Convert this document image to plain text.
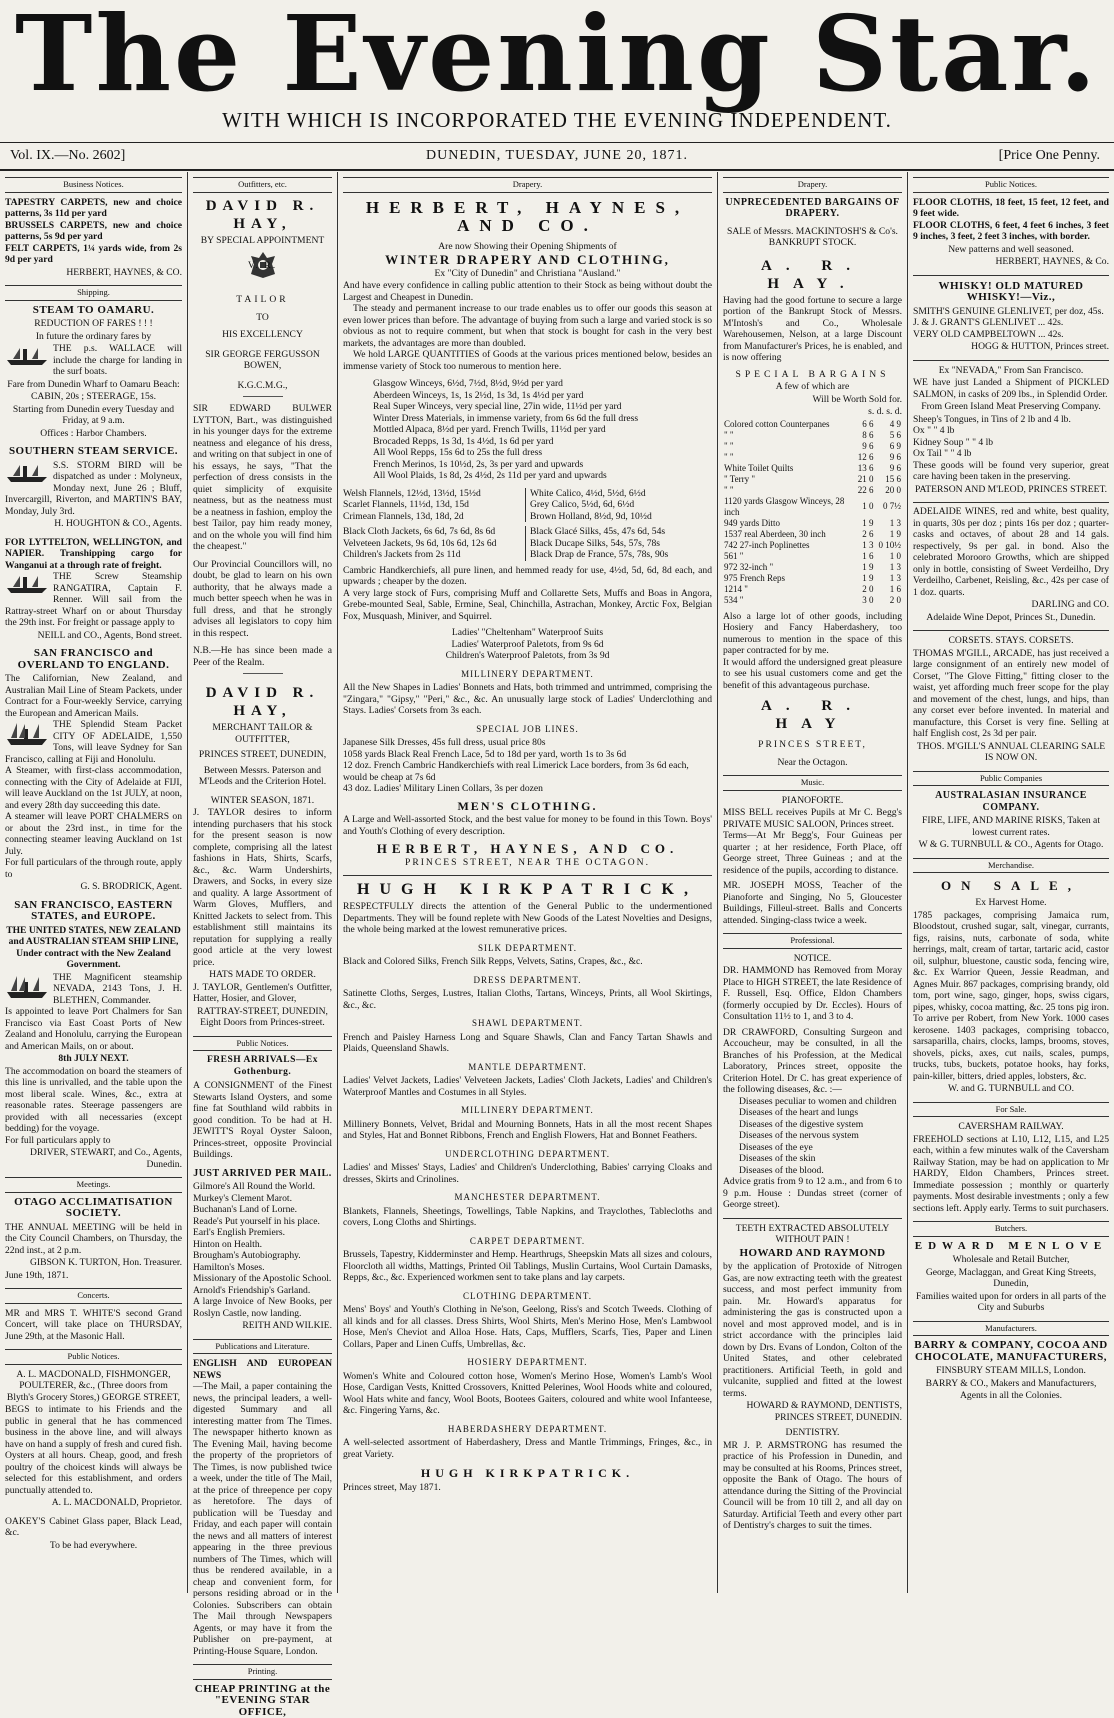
The Evening Star.
WITH WHICH IS INCORPORATED THE EVENING INDEPENDENT.
Vol. IX.—No. 2602]	DUNEDIN, TUESDAY, JUNE 20, 1871.	[Price One Penny.
Business Notices.

TAPESTRY CARPETS, new and choice patterns, 3s 11d per yard

BRUSSELS CARPETS, new and choice patterns, 5s 9d per yard

FELT CARPETS, 1¼ yards wide, from 2s 9d per yard

HERBERT, HAYNES, & CO.
Shipping.
STEAM TO OAMARU.
REDUCTION OF FARES ! ! !
In future the ordinary fares by
THE p.s. WALLACE will include the charge for landing in the surf boats.
Fare from Dunedin Wharf to Oamaru Beach:
CABIN, 20s ; STEERAGE, 15s.
Starting from Dunedin every Tuesday and Friday, at 9 a.m.
Offices : Harbor Chambers.
SOUTHERN STEAM SERVICE.
S.S. STORM BIRD will be dispatched as under : Molyneux, Monday next, June 26 ; Bluff, Invercargill, Riverton, and MARTIN'S BAY, Monday, July 3rd.
H. HOUGHTON & CO., Agents.
FOR LYTTELTON, WELLINGTON, and NAPIER. Transhipping cargo for Wanganui at a through rate of freight.
THE Screw Steamship RANGATIRA, Captain F. Renner. Will sail from the Rattray-street Wharf on or about Thursday the 29th inst. For freight or passage apply to
NEILL and CO., Agents, Bond street.
SAN FRANCISCO and OVERLAND TO ENGLAND.
The Californian, New Zealand, and Australian Mail Line of Steam Packets, under Contract for a Four-weekly Service, carrying the European and American Mails.
THE Splendid Steam Packet CITY OF ADELAIDE, 1,550 Tons, will leave Sydney for San Francisco, calling at Fiji and Honolulu.
A Steamer, with first-class accommodation, connecting with the City of Adelaide at FIJI, will leave Auckland on the 1st JULY, at noon, and every 28th day succeeding this date.
A steamer will leave PORT CHALMERS on or about the 23rd inst., in time for the connecting steamer leaving Auckland on 1st July.
For full particulars of the through route, apply to
G. S. BRODRICK, Agent.
SAN FRANCISCO, EASTERN STATES, and EUROPE.
THE UNITED STATES, NEW ZEALAND and AUSTRALIAN STEAM SHIP LINE, Under contract with the New Zealand Government.
THE Magnificent steamship NEVADA, 2143 Tons, J. H. BLETHEN, Commander.
Is appointed to leave Port Chalmers for San Francisco via East Coast Ports of New Zealand and Honolulu, carrying the European and American Mails, on or about.
8th JULY NEXT.
The accommodation on board the steamers of this line is unrivalled, and the table upon the most liberal scale. Wines, &c., extra at reasonable rates. Steerage passengers are provided with all necessaries (except bedding) for the voyage.
For full particulars apply to
DRIVER, STEWART, and Co., Agents, Dunedin.
Meetings.
OTAGO ACCLIMATISATION SOCIETY.
THE ANNUAL MEETING will be held in the City Council Chambers, on Thursday, the 22nd inst., at 2 p.m.
GIBSON K. TURTON, Hon. Treasurer.
June 19th, 1871.
Concerts.
MR and MRS T. WHITE'S second Grand Concert, will take place on THURSDAY, June 29th, at the Masonic Hall.
Public Notices.
A. L. MACDONALD, FISHMONGER, POULTERER, &c., (Three doors from Blyth's Grocery Stores,) GEORGE STREET,
BEGS to intimate to his Friends and the public in general that he has commenced business in the above line, and will always have on hand a supply of fresh and cured fish. Oysters at all hours. Cheap, good, and fresh poultry of the choicest kinds will always be selected for this establishment, and orders punctually attended to.
A. L. MACDONALD, Proprietor.
OAKEY'S Cabinet Glass paper, Black Lead, &c.
To be had everywhere.
Outfitters, etc.
DAVID R. HAY,
BY SPECIAL APPOINTMENT
V. R.
TAILOR
TO
HIS EXCELLENCY
SIR GEORGE FERGUSSON BOWEN,
K.G.C.M.G.,
SIR EDWARD BULWER LYTTON, Bart., was distinguished in his younger days for the extreme neatness and elegance of his dress, and writing on that subject in one of his essays, he says, "That the perfection of dress consists in the quiet simplicity of exquisite neatness, but as the neatness must be a neatness in fashion, employ the best Tailor, pay him ready money, and on the whole you will find him the cheapest."
Our Provincial Councillors will, no doubt, be glad to learn on his own authority, that he always made a much better speech when he was in full dress, and that he strongly advises all legislators to copy him in this respect.
N.B.—He has since been made a Peer of the Realm.
DAVID R. HAY,
MERCHANT TAILOR & OUTFITTER,
PRINCES STREET, DUNEDIN,
Between Messrs. Paterson and M'Leods and the Criterion Hotel.
WINTER SEASON, 1871.
J. TAYLOR desires to inform intending purchasers that his stock for the present season is now complete, comprising all the latest fashions in Hats, Shirts, Scarfs, &c., &c. Warm Undershirts, Drawers, and Socks, in every size and quality. A large Assortment of Warm Gloves, Mufflers, and Knitted Jackets to select from. This establishment still maintains its reputation for supplying a really good article at the very lowest price.
HATS MADE TO ORDER.
J. TAYLOR, Gentlemen's Outfitter, Hatter, Hosier, and Glover,
RATTRAY-STREET, DUNEDIN, Eight Doors from Princes-street.
Public Notices.
FRESH ARRIVALS—Ex Gothenburg.
A CONSIGNMENT of the Finest Stewarts Island Oysters, and some fine fat Southland wild rabbits in good condition. To be had at H. JEWITT'S Royal Oyster Saloon, Princes-street, opposite Provincial Buildings.
JUST ARRIVED PER MAIL.
Gilmore's All Round the World.
Murkey's Clement Marot.
Buchanan's Land of Lorne.
Reade's Put yourself in his place.
Earl's English Premiers.
Hinton on Health.
Brougham's Autobiography.
Hamilton's Moses.
Missionary of the Apostolic School.
Arnold's Friendship's Garland.
A large Invoice of New Books, per Roslyn Castle, now landing.
REITH AND WILKIE.
Publications and Literature.
ENGLISH AND EUROPEAN NEWS
—The Mail, a paper containing the news, the principal leaders, a well-digested Summary and all interesting matter from The Times. The newspaper hitherto known as The Evening Mail, having become the property of the proprietors of The Times, is now published twice a week, under the title of The Mail, at the price of threepence per copy as heretofore. The days of publication will be Tuesday and Friday, and each paper will contain the news and all matters of interest appearing in the three previous numbers of The Times, which will thus be rendered available, in a cheap and convenient form, for persons residing abroad or in the Colonies. Subscribers can obtain The Mail through Newspapers Agents, or may have it from the Publisher on pre-payment, at Printing-House Square, London.
Printing.
CHEAP PRINTING at the "EVENING STAR OFFICE,
Drapery.
HERBERT, HAYNES, AND CO.
Are now Showing their Opening Shipments of
WINTER DRAPERY AND CLOTHING,
Ex "City of Dunedin" and Christiana "Ausland."
And have every confidence in calling public attention to their Stock as being without doubt the Largest and Cheapest in Dunedin.
The steady and permanent increase to our trade enables us to offer our goods this season at even lower prices than before. The advantage of buying from such a large and varied stock is so obvious as not to require comment, but when that stock is bought for cash in the very best markets, the advantages are more than doubled.
We hold LARGE QUANTITIES of Goods at the various prices mentioned below, besides an immense variety of Stock too numerous to mention here.
Glasgow Winceys, 6½d, 7½d, 8½d, 9½d per yard
Aberdeen Winceys, 1s, 1s 2½d, 1s 3d, 1s 4½d per yard
Real Super Winceys, very special line, 27in wide, 11½d per yard
Winter Dress Materials, in immense variety, from 6s 6d the full dress
Mottled Alpaca, 8½d per yard. French Twills, 11½d per yard
Brocaded Repps, 1s 3d, 1s 4½d, 1s 6d per yard
All Wool Repps, 15s 6d to 25s the full dress
French Merinos, 1s 10½d, 2s, 3s per yard and upwards
All Wool Plaids, 1s 8d, 2s 4½d, 2s 11d per yard and upwards
Welsh Flannels, 12½d, 13½d, 15½d
Scarlet Flannels, 11½d, 13d, 15d
Crimean Flannels, 13d, 18d, 2d
White Calico, 4½d, 5½d, 6½d
Grey Calico, 5½d, 6d, 6½d
Brown Holland, 8½d, 9d, 10½d
Black Cloth Jackets, 6s 6d, 7s 6d, 8s 6d
Velveteen Jackets, 9s 6d, 10s 6d, 12s 6d
Children's Jackets from 2s 11d
Black Glacé Silks, 45s, 47s 6d, 54s
Black Ducape Silks, 54s, 57s, 78s
Black Drap de France, 57s, 78s, 90s
Cambric Handkerchiefs, all pure linen, and hemmed ready for use, 4½d, 5d, 6d, 8d each, and upwards ; cheaper by the dozen.
A very large stock of Furs, comprising Muff and Collarette Sets, Muffs and Boas in Angora, Grebe-mounted Seal, Sable, Ermine, Seal, Chinchilla, Astrachan, Monkey, Arctic Fox, Belgian Fox, Musquash, Miniver, and Squirrel.
Ladies' "Cheltenham" Waterproof Suits
Ladies' Waterproof Paletots, from 9s 6d
Children's Waterproof Paletots, from 3s 9d
MILLINERY DEPARTMENT.
All the New Shapes in Ladies' Bonnets and Hats, both trimmed and untrimmed, comprising the "Zingara," "Gipsy," "Peri," &c., &c. An unusually large stock of Ladies' Underclothing and Stays. Ladies' Corsets from 3s each.
SPECIAL JOB LINES.
Japanese Silk Dresses, 45s full dress, usual price 80s
1058 yards Black Real French Lace, 5d to 18d per yard, worth 1s to 3s 6d
12 doz. French Cambric Handkerchiefs with real Limerick Lace borders, from 3s 6d each, would be cheap at 7s 6d
43 doz. Ladies' Military Linen Collars, 3s per dozen
MEN'S CLOTHING.
A Large and Well-assorted Stock, and the best value for money to be found in this Town. Boys' and Youth's Clothing of every description.
HERBERT, HAYNES, AND CO.
PRINCES STREET, NEAR THE OCTAGON.
HUGH KIRKPATRICK,
RESPECTFULLY directs the attention of the General Public to the undermentioned Departments. They will be found replete with New Goods of the Latest Novelties and Designs, the whole being marked at the lowest remunerative prices.
SILK DEPARTMENT.
Black and Colored Silks, French Silk Repps, Velvets, Satins, Crapes, &c., &c.
DRESS DEPARTMENT.
Satinette Cloths, Serges, Lustres, Italian Cloths, Tartans, Winceys, Prints, all Wool Skirtings, &c., &c.
SHAWL DEPARTMENT.
French and Paisley Harness Long and Square Shawls, Clan and Fancy Tartan Shawls and Plaids, Queensland Shawls.
MANTLE DEPARTMENT.
Ladies' Velvet Jackets, Ladies' Velveteen Jackets, Ladies' Cloth Jackets, Ladies' and Children's Waterproof Mantles and Costumes in all Styles.
MILLINERY DEPARTMENT.
Millinery Bonnets, Velvet, Bridal and Mourning Bonnets, Hats in all the most recent Shapes and Styles, Hat and Bonnet Ribbons, French and English Flowers, Hat and Bonnet Feathers.
UNDERCLOTHING DEPARTMENT.
Ladies' and Misses' Stays, Ladies' and Children's Underclothing, Babies' carrying Cloaks and dresses, Skirts and Crinolines.
MANCHESTER DEPARTMENT.
Blankets, Flannels, Sheetings, Towellings, Table Napkins, and Trayclothes, Tablecloths and covers, Long Cloths and Shirtings.
CARPET DEPARTMENT.
Brussels, Tapestry, Kidderminster and Hemp. Hearthrugs, Sheepskin Mats all sizes and colours, Floorcloth all widths, Mattings, Printed Oil Tablings, Muslin Curtains, Wool Curtain Damasks, Repps, &c., &c. Experienced workmen sent to take plans and lay carpets.
CLOTHING DEPARTMENT.
Mens' Boys' and Youth's Clothing in Ne'son, Geelong, Riss's and Scotch Tweeds. Clothing of all kinds and for all classes. Dress Shirts, Wool Shirts, Men's Merino Hose, Men's Lambwool Hose, Men's Cheviot and Alloa Hose. Hats, Caps, Mufflers, Scarfs, Ties, Paper and Linen Collars, Paper and Linen Cuffs, Umbrellas, &c.
HOSIERY DEPARTMENT.
Women's White and Coloured cotton hose, Women's Merino Hose, Women's Lamb's Wool Hose, Cardigan Vests, Knitted Crossovers, Knitted Pelerines, Wool Hoods white and coloured, Wool Hats white and fancy, Wool Boots, Bootees Gaiters, coloured and white wool Infanteese, &c. Fingering Yarns, &c.
HABERDASHERY DEPARTMENT.
A well-selected assortment of Haberdashery, Dress and Mantle Trimmings, Fringes, &c., in great Variety.
HUGH KIRKPATRICK.
Princes street, May 1871.
Drapery.
UNPRECEDENTED BARGAINS OF DRAPERY.
SALE of Messrs. MACKINTOSH'S & Co's. BANKRUPT STOCK.
A. R. HAY.
Having had the good fortune to secure a large portion of the Bankrupt Stock of Messrs. M'Intosh's and Co., Wholesale Warehousemen, Nelson, at a large Discount from Manufacturer's Prices, he is enabled, and is now offering
SPECIAL BARGAINS
A few of which are
Will be Worth Sold for.
s. d. s. d.
Colored cotton Counterpanes	6 6	4 9
" "	8 6	5 6
" "	9 6	6 9
" "	12 6	9 6
White Toilet Quilts	13 6	9 6
" Terry "	21 0	15 6
" "	22 6	20 0
1120 yards Glasgow Winceys, 28 inch	1 0	0 7½
949 yards Ditto	1 9	1 3
1537 real Aberdeen, 30 inch	2 6	1 9
742 27-inch Poplinettes	1 3	0 10½
561 "	1 6	1 0
972 32-inch "	1 9	1 3
975 French Reps	1 9	1 3
1214 "	2 0	1 6
534 "	3 0	2 0
Also a large lot of other goods, including Hosiery and Fancy Haberdashery, too numerous to mention in the space of this paper contracted for by me.
It would afford the undersigned great pleasure to see his usual customers come and get the benefit of this advantageous purchase.
A. R. HAY
PRINCES STREET,
Near the Octagon.
Music.
PIANOFORTE.
MISS BELL receives Pupils at Mr C. Begg's PRIVATE MUSIC SALOON, Princes street.
Terms—At Mr Begg's, Four Guineas per quarter ; at her residence, Forth Place, off George street, Three Guineas ; and at the residence of the pupils, according to distance.
MR. JOSEPH MOSS, Teacher of the Pianoforte and Singing, No 5, Gloucester Buildings, Filleul-street. Balls and Concerts attended. Singing-class twice a week.
Professional.
NOTICE.
DR. HAMMOND has Removed from Moray Place to HIGH STREET, the late Residence of F. Russell, Esq. Office, Eldon Chambers (formerly occupied by Dr. Eccles). Hours of Consultation 11½ to 1, and 3 to 4.
DR CRAWFORD, Consulting Surgeon and Accoucheur, may be consulted, in all the Branches of his Profession, at the Medical Laboratory, Princes street, opposite the Criterion Hotel. Dr C. has great experience of the following diseases, &c. :—
Diseases peculiar to women and children
Diseases of the heart and lungs
Diseases of the digestive system
Diseases of the nervous system
Diseases of the eye
Diseases of the skin
Diseases of the blood.
Advice gratis from 9 to 12 a.m., and from 6 to 9 p.m. House : Dundas street (corner of George street).
TEETH EXTRACTED ABSOLUTELY WITHOUT PAIN !
HOWARD AND RAYMOND
by the application of Protoxide of Nitrogen Gas, are now extracting teeth with the greatest success, and most perfect immunity from pain. Mr. Howard's apparatus for administering the gas is constructed upon a novel and most approved model, and is in strict accordance with the principles laid down by Drs. Evans of London, Colton of the United States, and other celebrated practitioners. Artificial Teeth, in gold and vulcanite, supplied and fitted at the lowest terms.
HOWARD & RAYMOND, DENTISTS, PRINCES STREET, DUNEDIN.
DENTISTRY.
MR J. P. ARMSTRONG has resumed the practice of his Profession in Dunedin, and may be consulted at his Rooms, Princes street, opposite the Bank of Otago. The hours of attendance during the Sitting of the Provincial Council will be from 10 till 2, and all day on Saturday. Artificial Teeth and every other part of Dentistry's charges to suit the times.
Public Notices.
FLOOR CLOTHS, 18 feet, 15 feet, 12 feet, and 9 feet wide.
FLOOR CLOTHS, 6 feet, 4 feet 6 inches, 3 feet 9 inches, 3 feet, 2 feet 3 inches, with border.
New patterns and well seasoned.
HERBERT, HAYNES, & Co.
WHISKY! OLD MATURED WHISKY!—Viz.,
SMITH'S GENUINE GLENLIVET, per doz, 45s.
J. & J. GRANT'S GLENLIVET ... 42s.
VERY OLD CAMPBELTOWN ... 42s.
HOGG & HUTTON, Princes street.
Ex "NEVADA," From San Francisco.
WE have just Landed a Shipment of PICKLED SALMON, in casks of 209 lbs., in Splendid Order.
From Green Island Meat Preserving Company.
Sheep's Tongues, in Tins of 2 lb and 4 lb.
Ox " " 4 lb
Kidney Soup " " 4 lb
Ox Tail " " 4 lb
These goods will be found very superior, great care having been taken in the preserving.
PATERSON AND M'LEOD, PRINCES STREET.
ADELAIDE WINES, red and white, best quality, in quarts, 30s per doz ; pints 16s per doz ; quarter-casks and octaves, of about 28 and 14 gals. respectively, 9s per gal. in bond. Also the celebrated Morooro Growths, which are shipped only in bottle, consisting of Sweet Verdeilho, Dry Verdeilho, Carbenet, Reisling, &c., 42s per case of 1 doz. quarts.
DARLING and CO.
Adelaide Wine Depot, Princes St., Dunedin.
CORSETS. STAYS. CORSETS.
THOMAS M'GILL, ARCADE, has just received a large consignment of an entirely new model of Corset, "The Glove Fitting," fitting closer to the waist, yet affording much freer scope for the play and movement of the chest, lungs, and hips, than any corset ever before invented. In material and manufacture, this Corset is very fine. Selling at half English cost, 2s 3d per pair.
THOS. M'GILL'S ANNUAL CLEARING SALE IS NOW ON.
Public Companies
AUSTRALASIAN INSURANCE COMPANY.
FIRE, LIFE, AND MARINE RISKS, Taken at lowest current rates.
W & G. TURNBULL & CO., Agents for Otago.
Merchandise.
ON SALE,
Ex Harvest Home.
1785 packages, comprising Jamaica rum, Bloodstout, crushed sugar, salt, vinegar, currants, figs, raisins, nuts, carbonate of soda, white herrings, malt, cream of tartar, tartaric acid, castor oil, sulphur, bluestone, caustic soda, fencing wire, &c. Ex Warrior Queen, Jessie Readman, and Agnes Muir. 867 packages, comprising brandy, old tom, port wine, sago, ginger, hops, swiss cigars, pipes, whisky, cocoa matting, &c. 25 tons pig iron. To arrive per Robert, from New York. 1000 cases kerosene. 1403 packages, comprising tobacco, sarsaparilla, chairs, clocks, lamps, brooms, stoves, shovels, picks, axes, cut nails, scales, pumps, trucks, tubs, buckets, potatoe hooks, hay forks, pain-killer, bitters, dried apples, lobsters, &c.
W. and G. TURNBULL and CO.
For Sale.
CAVERSHAM RAILWAY.
FREEHOLD sections at L10, L12, L15, and L25 each, within a few minutes walk of the Caversham Railway Station, may be had on application to Mr HARDY, Eldon Chambers, Princes street. Immediate possession ; monthly or quarterly payments. Most desirable investments ; only a few sections left. Apply early. Terms to suit purchasers.
Butchers.
EDWARD MENLOVE
Wholesale and Retail Butcher,
George, Maclaggan, and Great King Streets, Dunedin,
Families waited upon for orders in all parts of the City and Suburbs
Manufacturers.
BARRY & COMPANY, COCOA AND CHOCOLATE, MANUFACTURERS,
FINSBURY STEAM MILLS, London.
BARRY & CO., Makers and Manufacturers,
Agents in all the Colonies.
